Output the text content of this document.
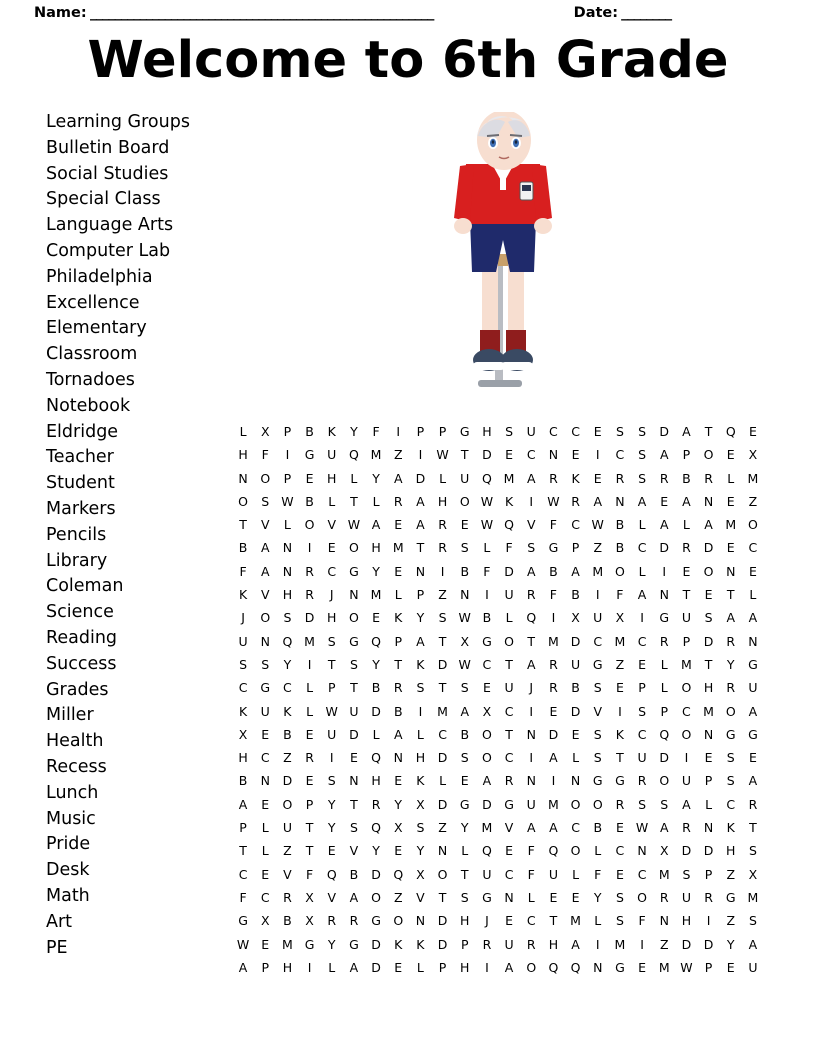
Name: _______________________________________________________	Date: ________
Welcome to 6th Grade
Learning Groups
Bulletin Board
Social Studies
Special Class
Language Arts
Computer Lab
Philadelphia
Excellence
Elementary
Classroom
Tornadoes
Notebook
Eldridge
Teacher
Student
Markers
Pencils
Library
Coleman
Science
Reading
Success
Grades
Miller
Health
Recess
Lunch
Music
Pride
Desk
Math
Art
PE
L	X	P	B	K	Y	F	I	P	P	G	H	S	U	C	C	E	S	S	D	A	T	Q	E
H	F	I	G	U	Q M Z	I	W T	D	E	C	N	E	I	C	S	A	P	O	E	X
N	O	P	E	H	L	Y	A	D	L	U	Q M A	R	K	E	R	S	R	B	R	L	M
O	S W B	L	T	L	R	A	H	O W K	I	W R	A	N	A	E	A	N	E	Z
T	V	L	O	V W A	E	A	R	E W Q	V	F	C W B	L	A	L	A	M O
B	A	N	I	E	O	H M	T	R	S	L	F	S	G	P	Z	B	C	D	R	D	E	C
F	A	N	R	C	G	Y	E	N	I	B	F	D	A	B	A	M O	L	I	E	O	N	E
K	V	H	R	J	N M	L	P	Z	N	I	U	R	F	B	I	F	A	N	T	E	T	L
J	O	S	D	H	O	E	K	Y	S W B	L	Q	I	X	U	X	I	G	U	S	A	A
U	N	Q M	S	G Q	P	A	T	X	G O	T	M D	C M C	R	P	D	R	N
S	S	Y	I	T	S	Y	T	K	D W C	T	A	R	U	G	Z	E	L	M	T	Y	G
C	G	C	L	P	T	B	R	S	T	S	E	U	J	R	B	S	E	P	L	O	H	R	U
K	U	K	L	W U	D	B	I	M A	X	C	I	E	D	V	I	S	P	C M O	A
X	E	B	E	U	D	L	A	L	C	B	O	T	N	D	E	S	K	C	Q O	N	G G
H	C	Z	R	I	E	Q	N	H	D	S	O	C	I	A	L	S	T	U	D	I	E	S	E
B	N	D	E	S	N	H	E	K	L	E	A	R	N	I	N	G G	R	O	U	P	S	A
A	E	O	P	Y	T	R	Y	X	D	G	D	G	U M O O	R	S	S	A	L	C	R
P	L	U	T	Y	S	Q	X	S	Z	Y	M V	A	A	C	B	E W A	R	N	K	T
T	L	Z	T	E	V	Y	E	Y	N	L	Q	E	F	Q O	L	C	N	X	D	D	H	S
C	E	V	F	Q	B	D Q	X	O	T	U	C	F	U	L	F	E	C M	S	P	Z	X
F	C	R	X	V	A	O	Z	V	T	S	G	N	L	E	E	Y	S	O	R	U	R	G M
G	X	B	X	R	R	G O	N	D	H	J	E	C	T	M	L	S	F	N	H	I	Z	S
W E	M G	Y	G	D	K	K	D	P	R	U	R	H	A	I	M	I	Z	D	D	Y	A
A	P	H	I	L	A	D	E	L	P	H	I	A	O Q Q	N	G	E	M W P	E	U
